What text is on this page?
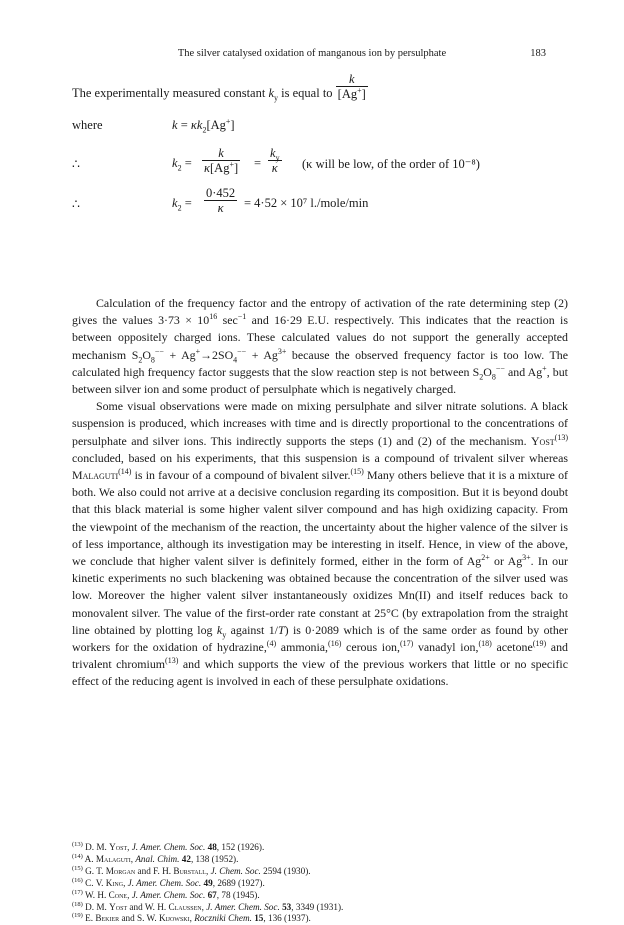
The silver catalysed oxidation of manganous ion by persulphate	183
The experimentally measured constant $k_y$ is equal to $\frac{k}{[Ag^+]}$
where	$k = \kappa k_2[Ag^+]$
∴	$k_2 = \frac{k}{\kappa[Ag^+]} = \frac{k_y}{\kappa} (\kappa$ will be low, of the order of 10⁻⁸)
∴	$k_2 = \frac{0\cdot 452}{\kappa} = 4\cdot 52 \times 10^7$ l./mole/min

Calculation of the frequency factor and the entropy of activation of the rate determining step (2) gives the values $3\cdot 73 \times 10^{16}$ $\sec^{-1}$ and 16·29 E.U. respectively. This indicates that the reaction is between oppositely charged ions. These calculated values do not support the generally accepted mechanism $S_2O_8^{--} + Ag^+\to 2SO_4^{--} + Ag^{3+}$ because the observed frequency factor is too low. The calculated high frequency factor suggests that the slow reaction step is not between $S_2O_8^{--}$ and Ag+, but between silver ion and some product of persulphate which is negatively charged.

Some visual observations were made on mixing persulphate and silver nitrate solutions. A black suspension is produced, which increases with time and is directly proportional to the concentrations of persulphate and silver ions. This indirectly supports the steps (1) and (2) of the mechanism. Yost$^{(13)}$ concluded, based on his experiments, that this suspension is a compound of trivalent silver whereas Malaguti$^{(14)}$ is in favour of a compound of bivalent silver.$^{(15)}$ Many others believe that it is a mixture of both. We also could not arrive at a decisive conclusion regarding its composition. But it is beyond doubt that this black material is some higher valent silver compound and has high oxidizing capacity. From the viewpoint of the mechanism of the reaction, the uncertainty about the higher valence of the silver is of less importance, although its investigation may be interesting in itself. Hence, in view of the above, we conclude that higher valent silver is definitely formed, either in the form of $Ag^{2+}$ or $Ag^{3+}$. In our kinetic experiments no such blackening was obtained because the concentration of the silver used was low. Moreover the higher valent silver instantaneously oxidizes Mn(II) and itself reduces back to monovalent silver. The value of the first-order rate constant at 25°C (by extrapolation from the straight line obtained by plotting $\log k_y$ against 1/T) is 0·2089 which is of the same order as found by other workers for the oxidation of hydrazine,$^{(4)}$ ammonia,$^{(16)}$ cerous ion,$^{(17)}$ vanadyl ion,$^{(18)}$ acetone$^{(19)}$ and trivalent chromium$^{(13)}$ and which supports the view of the previous workers that little or no specific effect of the reducing agent is involved in each of these persulphate oxidations.

$^{(13)}$ D. M. Yost, J. Amer. Chem. Soc. 48, 152 (1926).
$^{(14)}$ A. Malaguti, Anal. Chim. 42, 138 (1952).
$^{(15)}$ G. T. Morgan and F. H. Burstall, J. Chem. Soc. 2594 (1930).
$^{(16)}$ C. V. King, J. Amer. Chem. Soc. 49, 2689 (1927).
$^{(17)}$ W. H. Cone, J. Amer. Chem. Soc. 67, 78 (1945).
$^{(18)}$ D. M. Yost and W. H. Claussen, J. Amer. Chem. Soc. 53, 3349 (1931).
$^{(19)}$ E. Bekier and S. W. Kijowski, Roczniki Chem. 15, 136 (1937).
